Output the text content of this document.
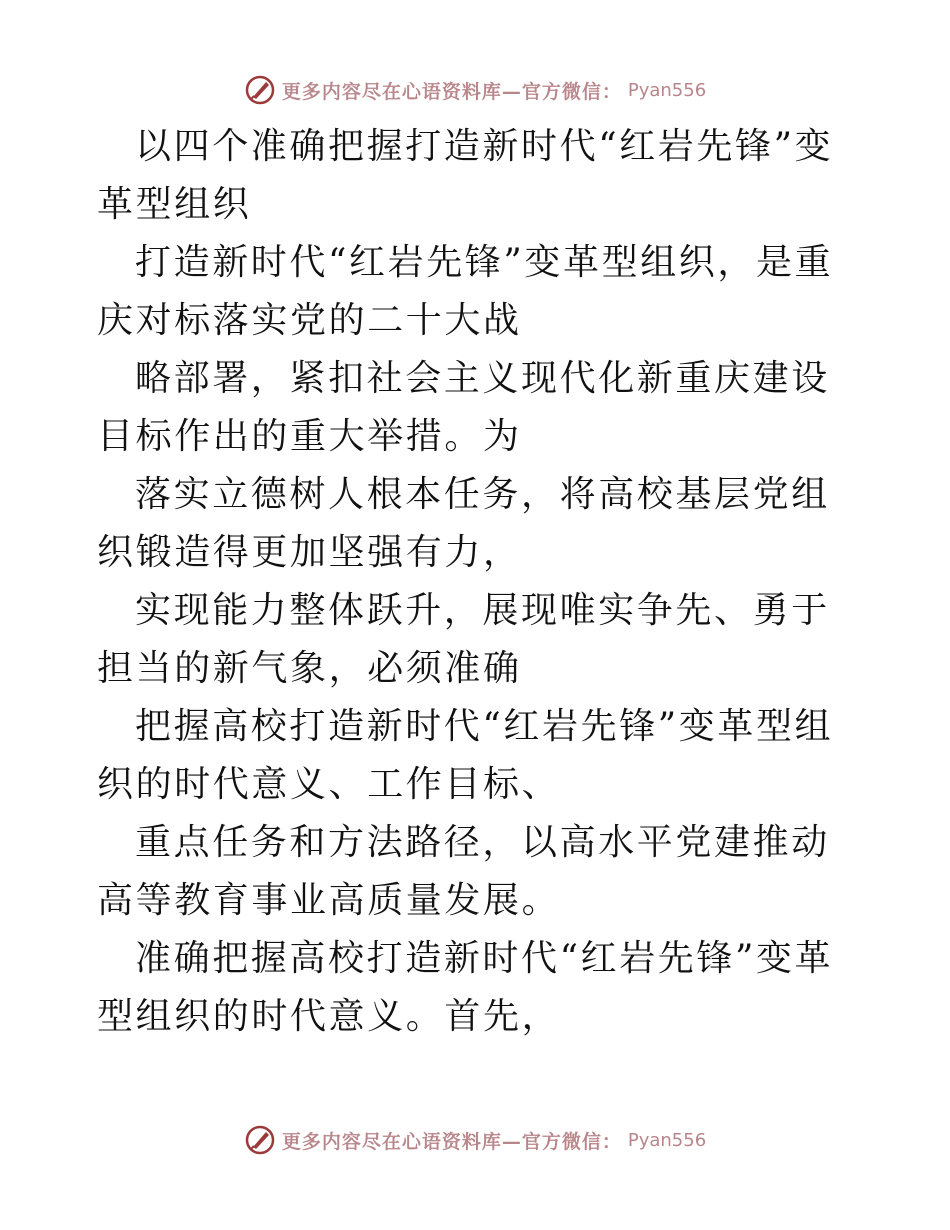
更多内容尽在心语资料库—官方微信： Pyan556

以四个准确把握打造新时代“红岩先锋”变革型组织

打造新时代“红岩先锋”变革型组织，是重庆对标落实党的二十大战

略部署，紧扣社会主义现代化新重庆建设目标作出的重大举措。为

落实立德树人根本任务，将高校基层党组织锻造得更加坚强有力，

实现能力整体跃升，展现唯实争先、勇于担当的新气象，必须准确

把握高校打造新时代“红岩先锋”变革型组织的时代意义、工作目标、

重点任务和方法路径，以高水平党建推动高等教育事业高质量发展。

准确把握高校打造新时代“红岩先锋”变革型组织的时代意义。首先，

更多内容尽在心语资料库—官方微信： Pyan556
